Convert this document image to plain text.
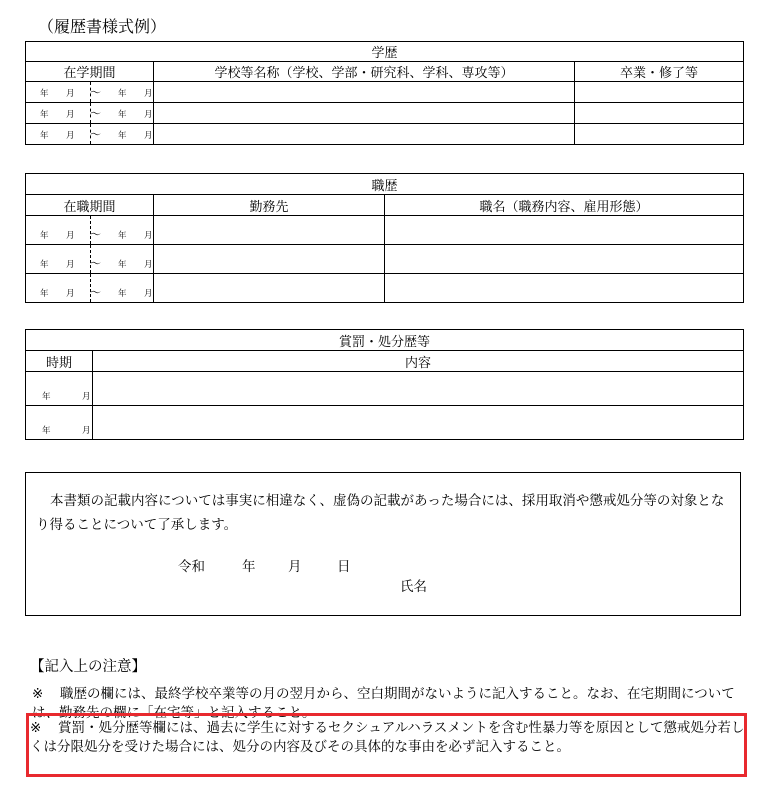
（履歴書様式例）
学歴		
在学期間	学校等名称（学校、学部・研究科、学科、専攻等）	卒業・修了等

年 月 ～ 年 月		

年 月 ～ 年 月		

年 月 ～ 年 月		

職歴		
在職期間	勤務先	職名（職務内容、雇用形態）

年 月 ～ 年 月		

年 月 ～ 年 月		

年 月 ～ 年 月		

賞罰・処分歴等	
時期	内容

年 月	

年 月	

本書類の記載内容については事実に相違なく、虚偽の記載があった場合には、採用取消や懲戒処分等の対象となり得ることについて了承します。
令和	年 月	日
氏名
【記入上の注意】
※ 職歴の欄には、最終学校卒業等の月の翌月から、空白期間がないように記入すること。なお、在宅期間については、勤務先の欄に「在宅等」と記入すること。
※ 賞罰・処分歴等欄には、過去に学生に対するセクシュアルハラスメントを含む性暴力等を原因として懲戒処分若しくは分限処分を受けた場合には、処分の内容及びその具体的な事由を必ず記入すること。
